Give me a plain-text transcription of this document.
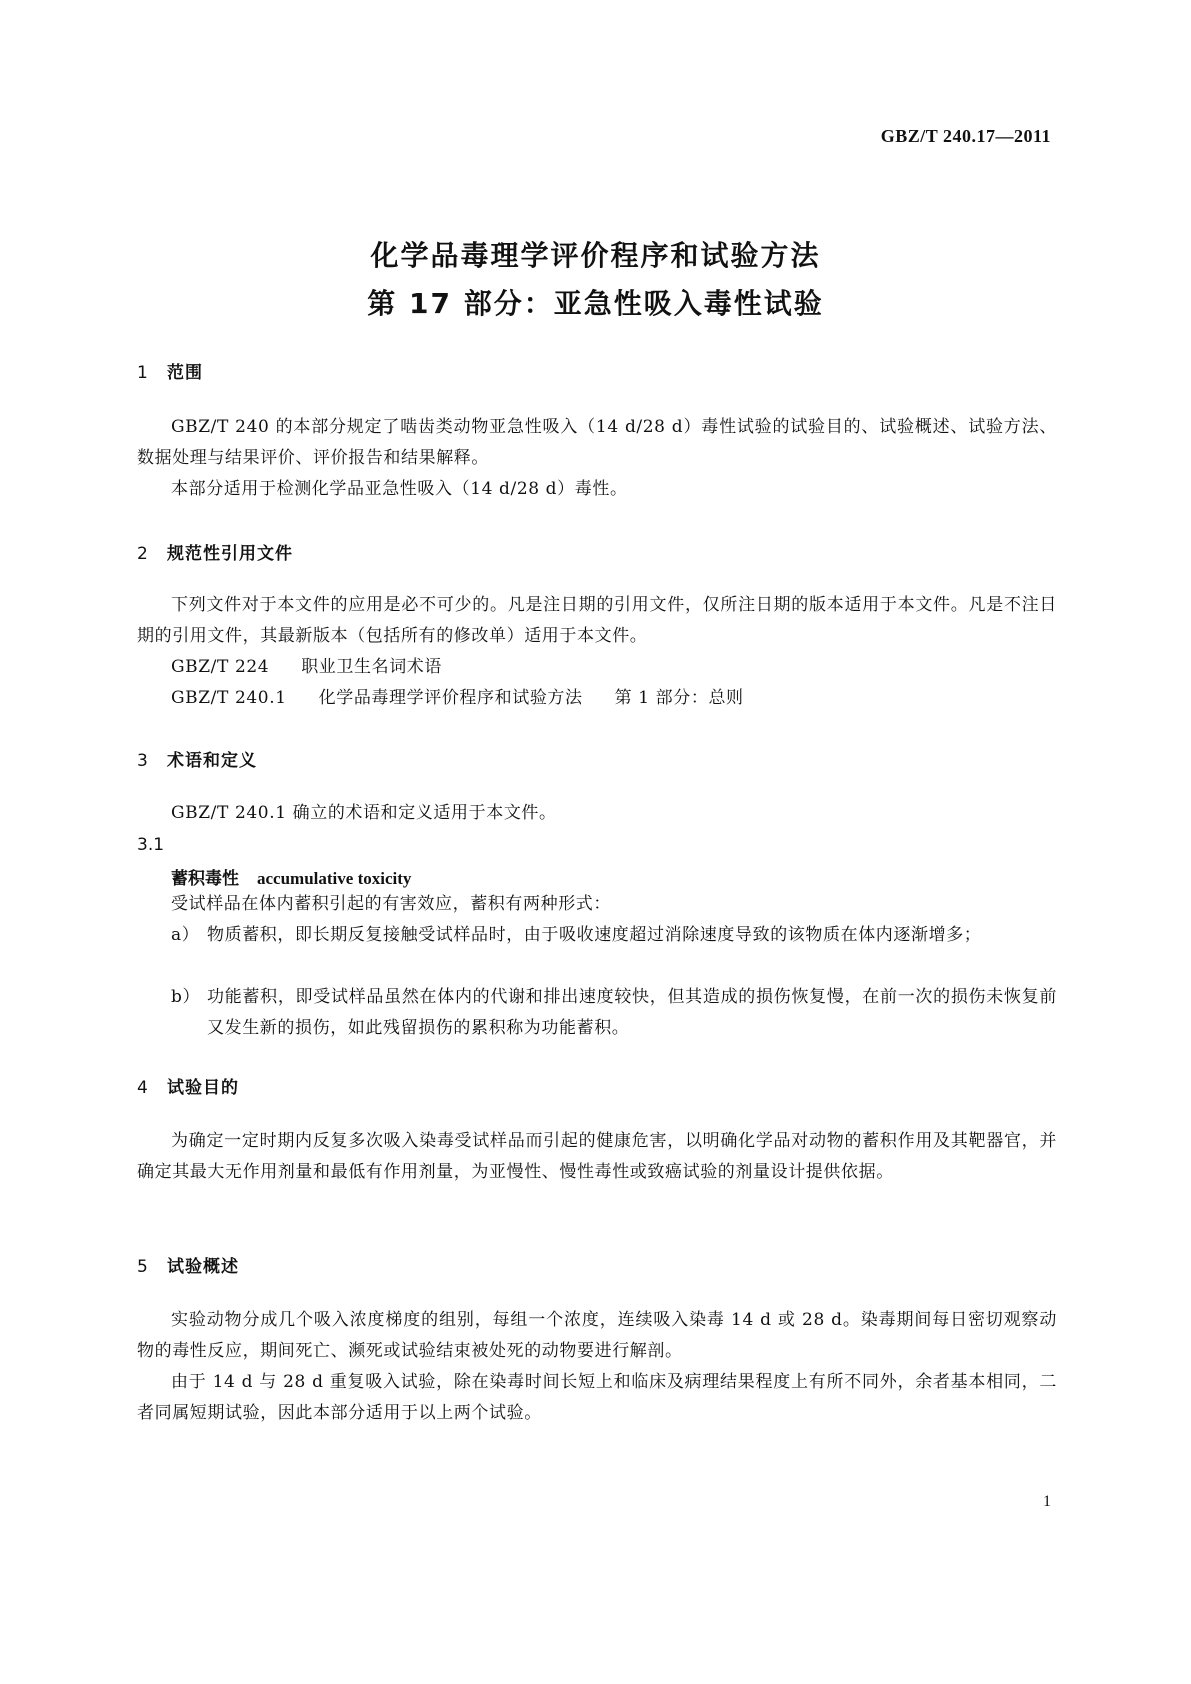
GBZ/T 240.17—2011
化学品毒理学评价程序和试验方法
第 17 部分：亚急性吸入毒性试验
1 范围
GBZ/T 240 的本部分规定了啮齿类动物亚急性吸入（14 d/28 d）毒性试验的试验目的、试验概述、试验方法、数据处理与结果评价、评价报告和结果解释。
本部分适用于检测化学品亚急性吸入（14 d/28 d）毒性。
2 规范性引用文件
下列文件对于本文件的应用是必不可少的。凡是注日期的引用文件，仅所注日期的版本适用于本文件。凡是不注日期的引用文件，其最新版本（包括所有的修改单）适用于本文件。
GBZ/T 224 职业卫生名词术语
GBZ/T 240.1 化学品毒理学评价程序和试验方法 第 1 部分：总则
3 术语和定义
GBZ/T 240.1 确立的术语和定义适用于本文件。
3.1
蓄积毒性 accumulative toxicity
受试样品在体内蓄积引起的有害效应，蓄积有两种形式：
a） 物质蓄积，即长期反复接触受试样品时，由于吸收速度超过消除速度导致的该物质在体内逐渐增多；
b） 功能蓄积，即受试样品虽然在体内的代谢和排出速度较快，但其造成的损伤恢复慢，在前一次的损伤未恢复前又发生新的损伤，如此残留损伤的累积称为功能蓄积。
4 试验目的
为确定一定时期内反复多次吸入染毒受试样品而引起的健康危害，以明确化学品对动物的蓄积作用及其靶器官，并确定其最大无作用剂量和最低有作用剂量，为亚慢性、慢性毒性或致癌试验的剂量设计提供依据。
5 试验概述
实验动物分成几个吸入浓度梯度的组别，每组一个浓度，连续吸入染毒 14 d 或 28 d。染毒期间每日密切观察动物的毒性反应，期间死亡、濒死或试验结束被处死的动物要进行解剖。
由于 14 d 与 28 d 重复吸入试验，除在染毒时间长短上和临床及病理结果程度上有所不同外，余者基本相同，二者同属短期试验，因此本部分适用于以上两个试验。
1
